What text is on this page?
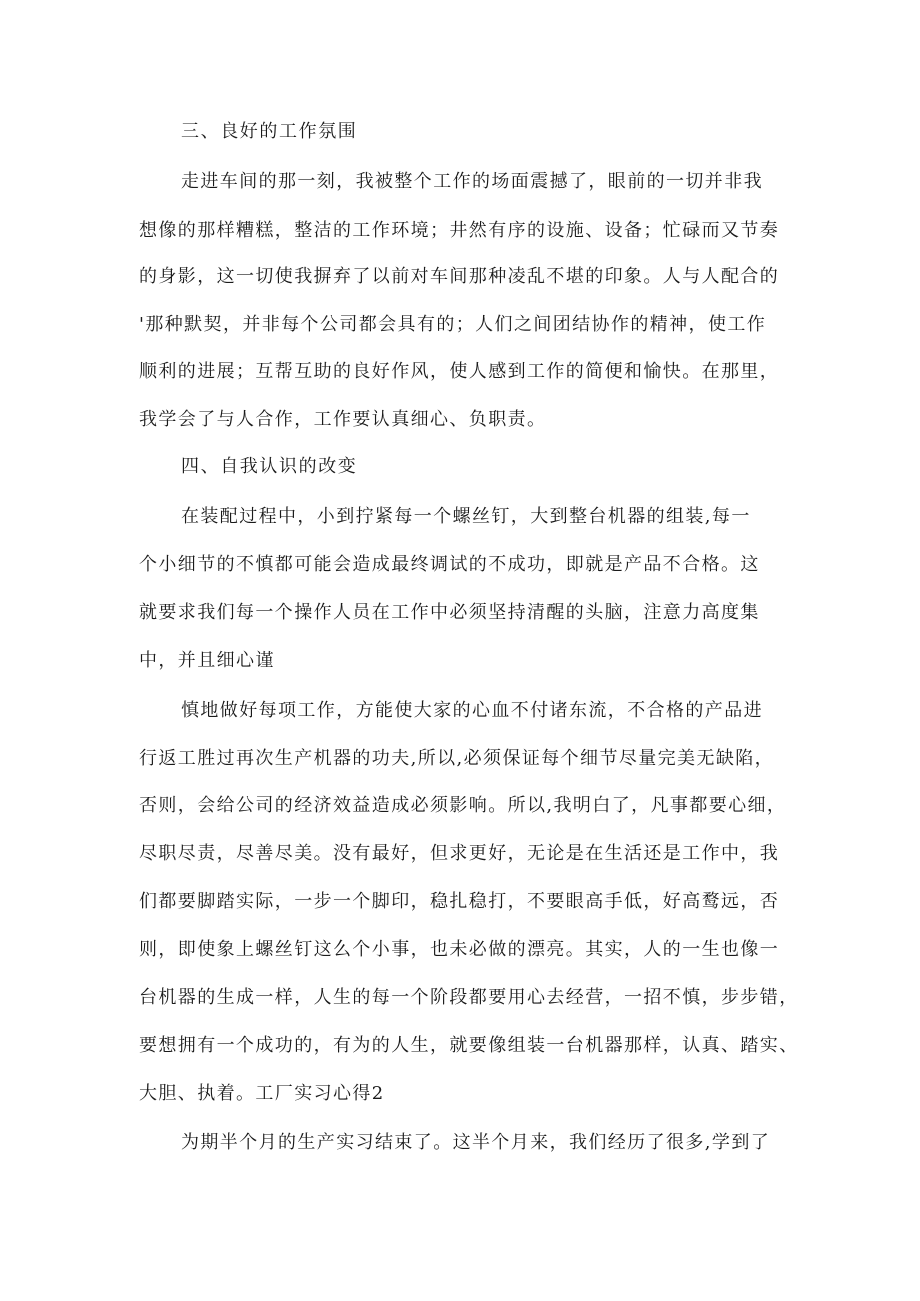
三、良好的工作氛围
走进车间的那一刻，我被整个工作的场面震撼了，眼前的一切并非我
想像的那样糟糕，整洁的工作环境；井然有序的设施、设备；忙碌而又节奏
的身影，这一切使我摒弃了以前对车间那种凌乱不堪的印象。人与人配合的
'那种默契，并非每个公司都会具有的；人们之间团结协作的精神，使工作
顺利的进展；互帮互助的良好作风，使人感到工作的简便和愉快。在那里，
我学会了与人合作，工作要认真细心、负职责。
四、自我认识的改变
在装配过程中，小到拧紧每一个螺丝钉，大到整台机器的组装,每一
个小细节的不慎都可能会造成最终调试的不成功，即就是产品不合格。这
就要求我们每一个操作人员在工作中必须坚持清醒的头脑，注意力高度集
中，并且细心谨
慎地做好每项工作，方能使大家的心血不付诸东流，不合格的产品进
行返工胜过再次生产机器的功夫,所以,必须保证每个细节尽量完美无缺陷，
否则，会给公司的经济效益造成必须影响。所以,我明白了，凡事都要心细，
尽职尽责，尽善尽美。没有最好，但求更好，无论是在生活还是工作中，我
们都要脚踏实际，一步一个脚印，稳扎稳打，不要眼高手低，好高鹜远，否
则，即使象上螺丝钉这么个小事，也未必做的漂亮。其实，人的一生也像一
台机器的生成一样，人生的每一个阶段都要用心去经营，一招不慎，步步错，
要想拥有一个成功的，有为的人生，就要像组装一台机器那样，认真、踏实、
大胆、执着。工厂实习心得2
为期半个月的生产实习结束了。这半个月来，我们经历了很多,学到了
